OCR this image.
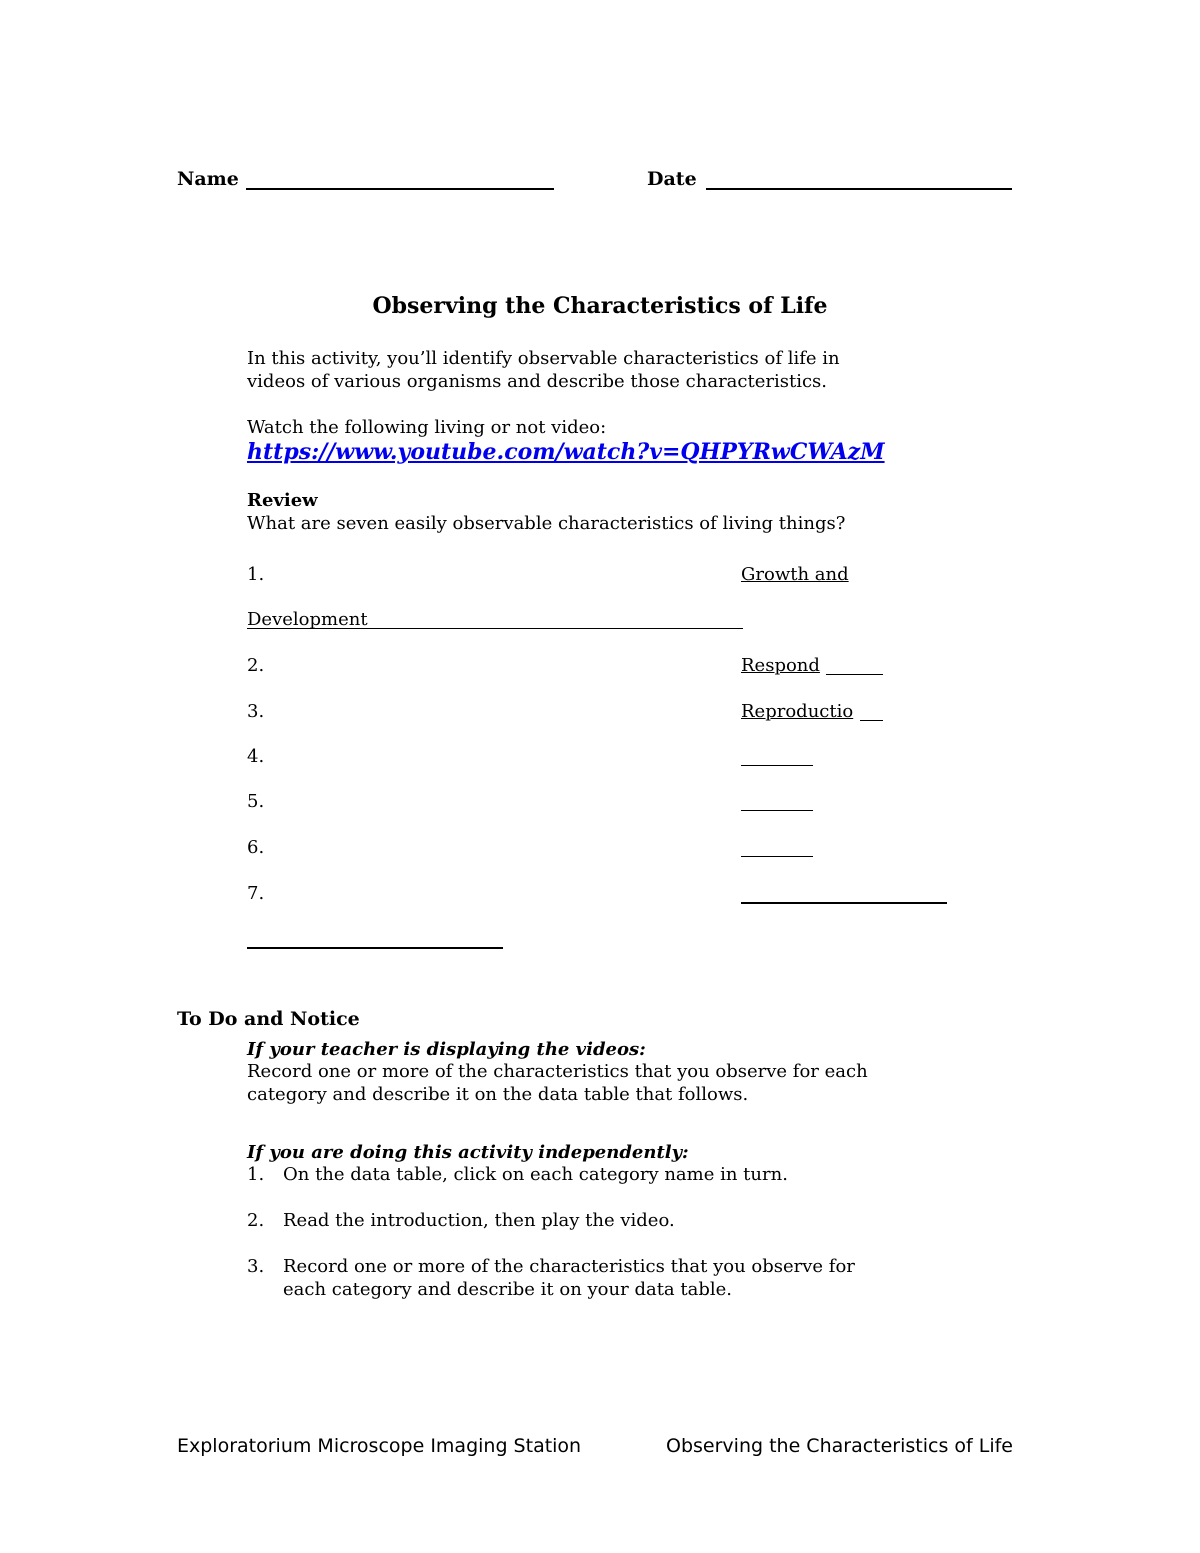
Name	Date
Observing the Characteristics of Life
In this activity, you’ll identify observable characteristics of life in
videos of various organisms and describe those characteristics.
Watch the following living or not video:
https://www.youtube.com/watch?v=QHPYRwCWAzM
Review
What are seven easily observable characteristics of living things?
1.	Growth and
Development
2.	Respond
3.	Reproductio
4.
5.
6.
7.
To Do and Notice
If your teacher is displaying the videos:
Record one or more of the characteristics that you observe for each
category and describe it on the data table that follows.
If you are doing this activity independently:
1. On the data table, click on each category name in turn.
2. Read the introduction, then play the video.
3. Record one or more of the characteristics that you observe for
each category and describe it on your data table.
Exploratorium Microscope Imaging Station	Observing the Characteristics of Life
